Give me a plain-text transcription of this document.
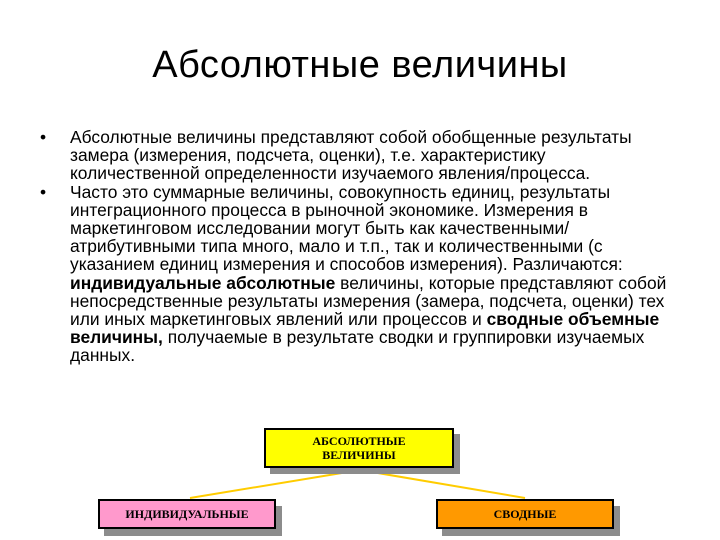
Абсолютные величины
• Абсолютные величины представляют собой обобщенные результаты замера (измерения, подсчета, оценки), т.е. характеристику количественной определенности изучаемого явления/процесса.
• Часто это суммарные величины, совокупность единиц, результаты интеграционного процесса в рыночной экономике. Измерения в маркетинговом исследовании могут быть как качественными/атрибутивными типа много, мало и т.п., так и количественными (с указанием единиц измерения и способов измерения). Различаются: индивидуальные абсолютные величины, которые представляют собой непосредственные результаты измерения (замера, подсчета, оценки) тех или иных маркетинговых явлений или процессов и сводные объемные величины, получаемые в результате сводки и группировки изучаемых данных.
АБСОЛЮТНЫЕ
ВЕЛИЧИНЫ
ИНДИВИДУАЛЬНЫЕ	СВОДНЫЕ
